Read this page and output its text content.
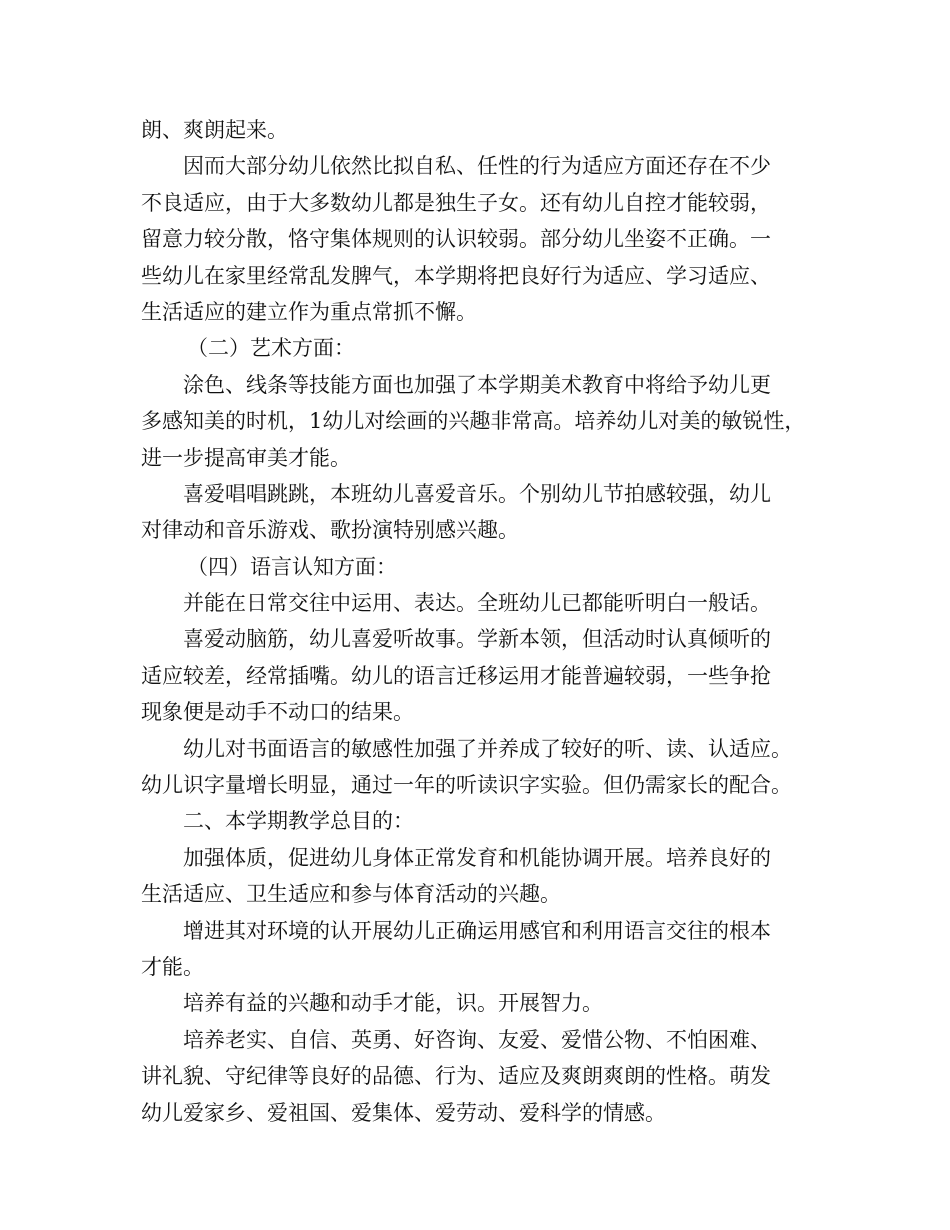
朗、爽朗起来。
因而大部分幼儿依然比拟自私、任性的行为适应方面还存在不少
不良适应，由于大多数幼儿都是独生子女。还有幼儿自控才能较弱，
留意力较分散，恪守集体规则的认识较弱。部分幼儿坐姿不正确。一
些幼儿在家里经常乱发脾气，本学期将把良好行为适应、学习适应、
生活适应的建立作为重点常抓不懈。
（二）艺术方面：
涂色、线条等技能方面也加强了本学期美术教育中将给予幼儿更
多感知美的时机，1幼儿对绘画的兴趣非常高。培养幼儿对美的敏锐性，
进一步提高审美才能。
喜爱唱唱跳跳，本班幼儿喜爱音乐。个别幼儿节拍感较强，幼儿
对律动和音乐游戏、歌扮演特别感兴趣。
（四）语言认知方面：
并能在日常交往中运用、表达。全班幼儿已都能听明白一般话。
喜爱动脑筋，幼儿喜爱听故事。学新本领，但活动时认真倾听的
适应较差，经常插嘴。幼儿的语言迁移运用才能普遍较弱，一些争抢
现象便是动手不动口的结果。
幼儿对书面语言的敏感性加强了并养成了较好的听、读、认适应。
幼儿识字量增长明显，通过一年的听读识字实验。但仍需家长的配合。
二、本学期教学总目的：
加强体质，促进幼儿身体正常发育和机能协调开展。培养良好的
生活适应、卫生适应和参与体育活动的兴趣。
增进其对环境的认开展幼儿正确运用感官和利用语言交往的根本
才能。
培养有益的兴趣和动手才能，识。开展智力。
培养老实、自信、英勇、好咨询、友爱、爱惜公物、不怕困难、
讲礼貌、守纪律等良好的品德、行为、适应及爽朗爽朗的性格。萌发
幼儿爱家乡、爱祖国、爱集体、爱劳动、爱科学的情感。
